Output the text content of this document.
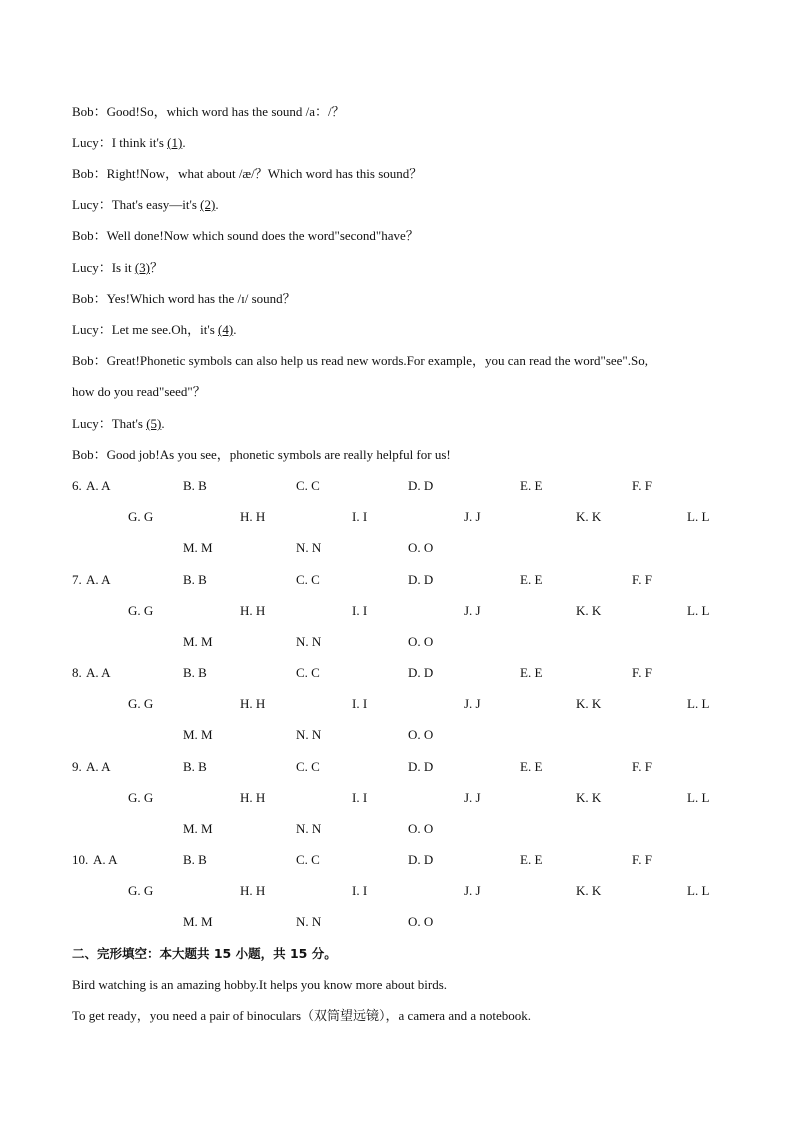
Bob：Good!So，which word has the sound /a：/？
Lucy：I think it's (1).
Bob：Right!Now，what about /æ/？Which word has this sound？
Lucy：That's easy—it's (2).
Bob：Well done!Now which sound does the word"second"have？
Lucy：Is it (3)？
Bob：Yes!Which word has the /ɪ/ sound？
Lucy：Let me see.Oh，it's (4).
Bob：Great!Phonetic symbols can also help us read new words.For example，you can read the word"see".So,
how do you read"seed"？
Lucy：That's (5).
Bob：Good job!As you see，phonetic symbols are really helpful for us!
6. A. A	B. B	C. C	D. D	E. E	F. F
G. G	H. H	I. I	J. J	K. K	L. L
M. M	N. N	O. O
7. A. A	B. B	C. C	D. D	E. E	F. F
G. G	H. H	I. I	J. J	K. K	L. L
M. M	N. N	O. O
8. A. A	B. B	C. C	D. D	E. E	F. F
G. G	H. H	I. I	J. J	K. K	L. L
M. M	N. N	O. O
9. A. A	B. B	C. C	D. D	E. E	F. F
G. G	H. H	I. I	J. J	K. K	L. L
M. M	N. N	O. O
10. A. A	B. B	C. C	D. D	E. E	F. F
G. G	H. H	I. I	J. J	K. K	L. L
M. M	N. N	O. O
二、完形填空：本大题共 15 小题，共 15 分。
Bird watching is an amazing hobby.It helps you know more about birds.
To get ready，you need a pair of binoculars（双筒望远镜），a camera and a notebook.
